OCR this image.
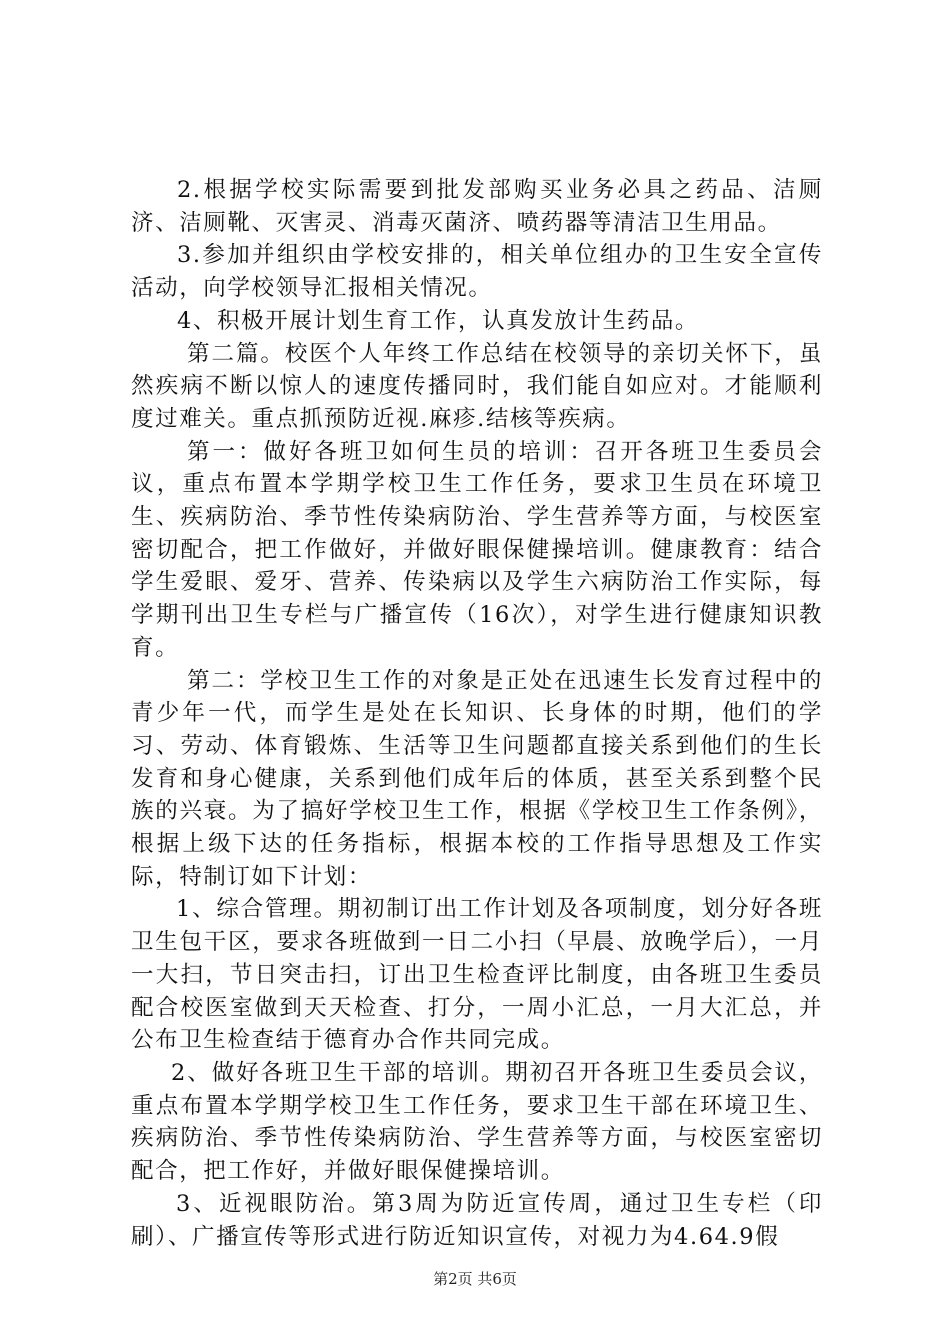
2.根据学校实际需要到批发部购买业务必具之药品、洁厕济、洁厕靴、灭害灵、消毒灭菌济、喷药器等清洁卫生用品。

3.参加并组织由学校安排的，相关单位组办的卫生安全宣传活动，向学校领导汇报相关情况。

4、积极开展计划生育工作，认真发放计生药品。

第二篇。校医个人年终工作总结在校领导的亲切关怀下，虽然疾病不断以惊人的速度传播同时，我们能自如应对。才能顺利度过难关。重点抓预防近视.麻疹.结核等疾病。

第一：做好各班卫如何生员的培训：召开各班卫生委员会议，重点布置本学期学校卫生工作任务，要求卫生员在环境卫生、疾病防治、季节性传染病防治、学生营养等方面，与校医室密切配合，把工作做好，并做好眼保健操培训。健康教育：结合学生爱眼、爱牙、营养、传染病以及学生六病防治工作实际，每学期刊出卫生专栏与广播宣传（16次），对学生进行健康知识教育。

第二：学校卫生工作的对象是正处在迅速生长发育过程中的青少年一代，而学生是处在长知识、长身体的时期，他们的学习、劳动、体育锻炼、生活等卫生问题都直接关系到他们的生长发育和身心健康，关系到他们成年后的体质，甚至关系到整个民族的兴衰。为了搞好学校卫生工作，根据《学校卫生工作条例》，根据上级下达的任务指标，根据本校的工作指导思想及工作实际，特制订如下计划：

1、综合管理。期初制订出工作计划及各项制度，划分好各班卫生包干区，要求各班做到一日二小扫（早晨、放晚学后），一月一大扫，节日突击扫，订出卫生检查评比制度，由各班卫生委员配合校医室做到天天检查、打分，一周小汇总，一月大汇总，并公布卫生检查结于德育办合作共同完成。

2、做好各班卫生干部的培训。期初召开各班卫生委员会议，重点布置本学期学校卫生工作任务，要求卫生干部在环境卫生、疾病防治、季节性传染病防治、学生营养等方面，与校医室密切配合，把工作好，并做好眼保健操培训。

3、近视眼防治。第3周为防近宣传周，通过卫生专栏（印刷）、广播宣传等形式进行防近知识宣传，对视力为4.64.9假

第2页 共6页
